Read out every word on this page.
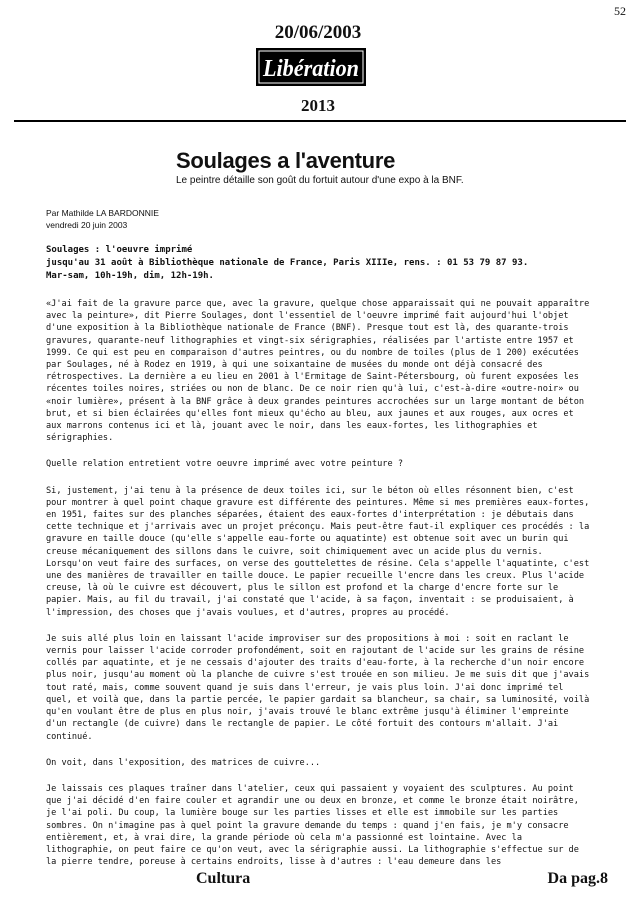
52
20/06/2003
Libération
2013
Soulages a l'aventure
Le peintre détaille son goût du fortuit autour d'une expo à la BNF.
Par Mathilde LA BARDONNIE
vendredi 20 juin 2003
Soulages : l'oeuvre imprimé
jusqu'au 31 août à Bibliothèque nationale de France, Paris XIIIe, rens. : 01 53 79 87 93.
Mar-sam, 10h-19h, dim, 12h-19h.

«J'ai fait de la gravure parce que, avec la gravure, quelque chose apparaissait qui ne pouvait apparaître avec la peinture», dit Pierre Soulages, dont l'essentiel de l'oeuvre imprimé fait aujourd'hui l'objet d'une exposition à la Bibliothèque nationale de France (BNF). Presque tout est là, des quarante-trois gravures, quarante-neuf lithographies et vingt-six sérigraphies, réalisées par l'artiste entre 1957 et 1999. Ce qui est peu en comparaison d'autres peintres, ou du nombre de toiles (plus de 1 200) exécutées par Soulages, né à Rodez en 1919, à qui une soixantaine de musées du monde ont déjà consacré des rétrospectives. La dernière a eu lieu en 2001 à l'Ermitage de Saint-Pétersbourg, où furent exposées les récentes toiles noires, striées ou non de blanc. De ce noir rien qu'à lui, c'est-à-dire «outre-noir» ou «noir lumière», présent à la BNF grâce à deux grandes peintures accrochées sur un large montant de béton brut, et si bien éclairées qu'elles font mieux qu'écho au bleu, aux jaunes et aux rouges, aux ocres et aux marrons contenus ici et là, jouant avec le noir, dans les eaux-fortes, les lithographies et sérigraphies.

Quelle relation entretient votre oeuvre imprimé avec votre peinture ?

Si, justement, j'ai tenu à la présence de deux toiles ici, sur le béton où elles résonnent bien, c'est pour montrer à quel point chaque gravure est différente des peintures. Même si mes premières eaux-fortes, en 1951, faites sur des planches séparées, étaient des eaux-fortes d'interprétation : je débutais dans cette technique et j'arrivais avec un projet préconçu. Mais peut-être faut-il expliquer ces procédés : la gravure en taille douce (qu'elle s'appelle eau-forte ou aquatinte) est obtenue soit avec un burin qui creuse mécaniquement des sillons dans le cuivre, soit chimiquement avec un acide plus du vernis. Lorsqu'on veut faire des surfaces, on verse des gouttelettes de résine. Cela s'appelle l'aquatinte, c'est une des manières de travailler en taille douce. Le papier recueille l'encre dans les creux. Plus l'acide creuse, là où le cuivre est découvert, plus le sillon est profond et la charge d'encre forte sur le papier. Mais, au fil du travail, j'ai constaté que l'acide, à sa façon, inventait : se produisaient, à l'impression, des choses que j'avais voulues, et d'autres, propres au procédé.

Je suis allé plus loin en laissant l'acide improviser sur des propositions à moi : soit en raclant le vernis pour laisser l'acide corroder profondément, soit en rajoutant de l'acide sur les grains de résine collés par aquatinte, et je ne cessais d'ajouter des traits d'eau-forte, à la recherche d'un noir encore plus noir, jusqu'au moment où la planche de cuivre s'est trouée en son milieu. Je me suis dit que j'avais tout raté, mais, comme souvent quand je suis dans l'erreur, je vais plus loin. J'ai donc imprimé tel quel, et voilà que, dans la partie percée, le papier gardait sa blancheur, sa chair, sa luminosité, voilà qu'en voulant être de plus en plus noir, j'avais trouvé le blanc extrême jusqu'à éliminer l'empreinte d'un rectangle (de cuivre) dans le rectangle de papier. Le côté fortuit des contours m'allait. J'ai continué.

On voit, dans l'exposition, des matrices de cuivre...

Je laissais ces plaques traîner dans l'atelier, ceux qui passaient y voyaient des sculptures. Au point que j'ai décidé d'en faire couler et agrandir une ou deux en bronze, et comme le bronze était noirâtre, je l'ai poli. Du coup, la lumière bouge sur les parties lisses et elle est immobile sur les parties sombres. On n'imagine pas à quel point la gravure demande du temps : quand j'en fais, je m'y consacre entièrement, et, à vrai dire, la grande période où cela m'a passionné est lointaine. Avec la lithographie, on peut faire ce qu'on veut, avec la sérigraphie aussi. La lithographie s'effectue sur de la pierre tendre, poreuse à certains endroits, lisse à d'autres : l'eau demeure dans les

Cultura	Da pag.8
